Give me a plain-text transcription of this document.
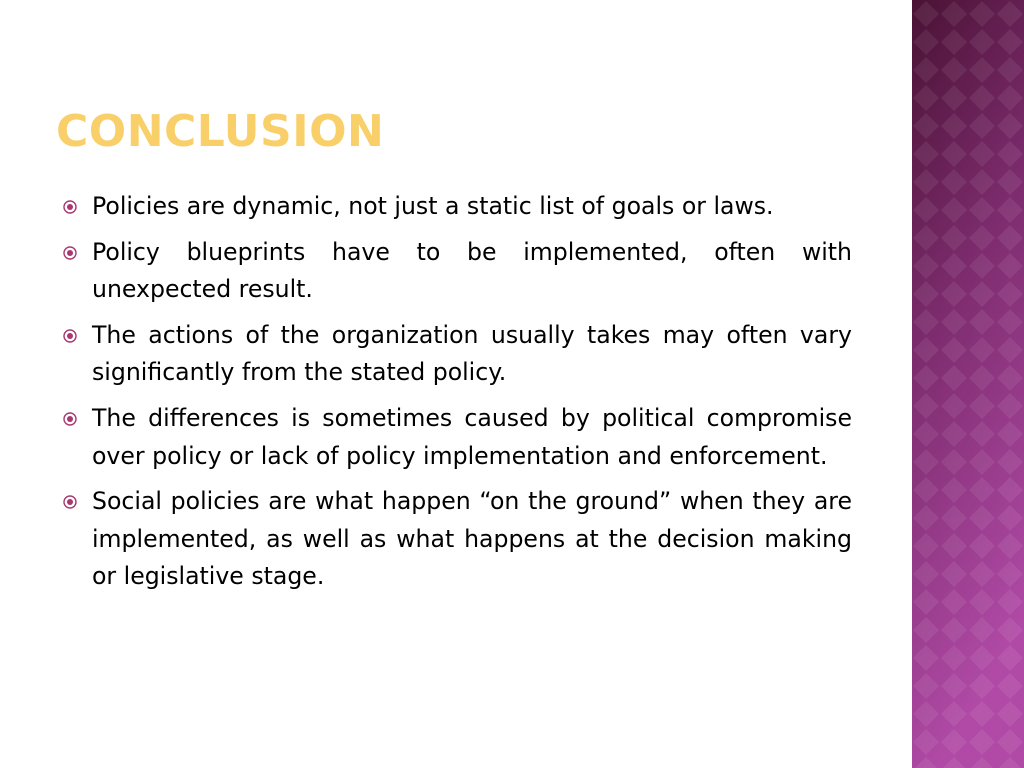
CONCLUSION
Policies are dynamic, not just a static list of goals or laws.
Policy blueprints have to be implemented, often with unexpected result.
The actions of the organization usually takes may often vary significantly from the stated policy.
The differences is sometimes caused by political compromise over policy or lack of policy implementation and enforcement.
Social policies are what happen “on the ground” when they are implemented, as well as what happens at the decision making or legislative stage.
